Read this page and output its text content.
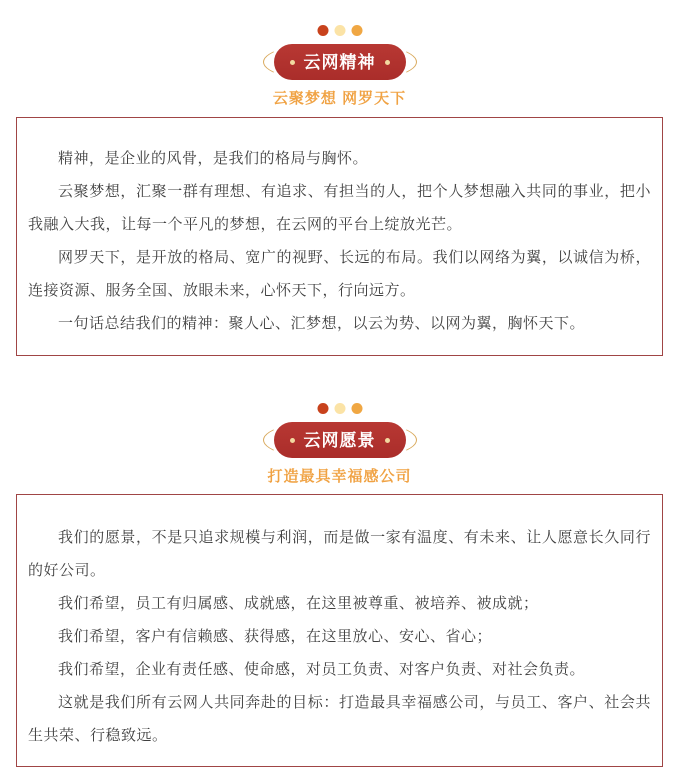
云网精神
云聚梦想 网罗天下

精神，是企业的风骨，是我们的格局与胸怀。

云聚梦想，汇聚一群有理想、有追求、有担当的人，把个人梦想融入共同的事业，把小我融入大我，让每一个平凡的梦想，在云网的平台上绽放光芒。

网罗天下，是开放的格局、宽广的视野、长远的布局。我们以网络为翼，以诚信为桥，连接资源、服务全国、放眼未来，心怀天下，行向远方。

一句话总结我们的精神：聚人心、汇梦想，以云为势、以网为翼，胸怀天下。

云网愿景
打造最具幸福感公司

我们的愿景，不是只追求规模与利润，而是做一家有温度、有未来、让人愿意长久同行的好公司。

我们希望，员工有归属感、成就感，在这里被尊重、被培养、被成就；

我们希望，客户有信赖感、获得感，在这里放心、安心、省心；

我们希望，企业有责任感、使命感，对员工负责、对客户负责、对社会负责。

这就是我们所有云网人共同奔赴的目标：打造最具幸福感公司，与员工、客户、社会共生共荣、行稳致远。
